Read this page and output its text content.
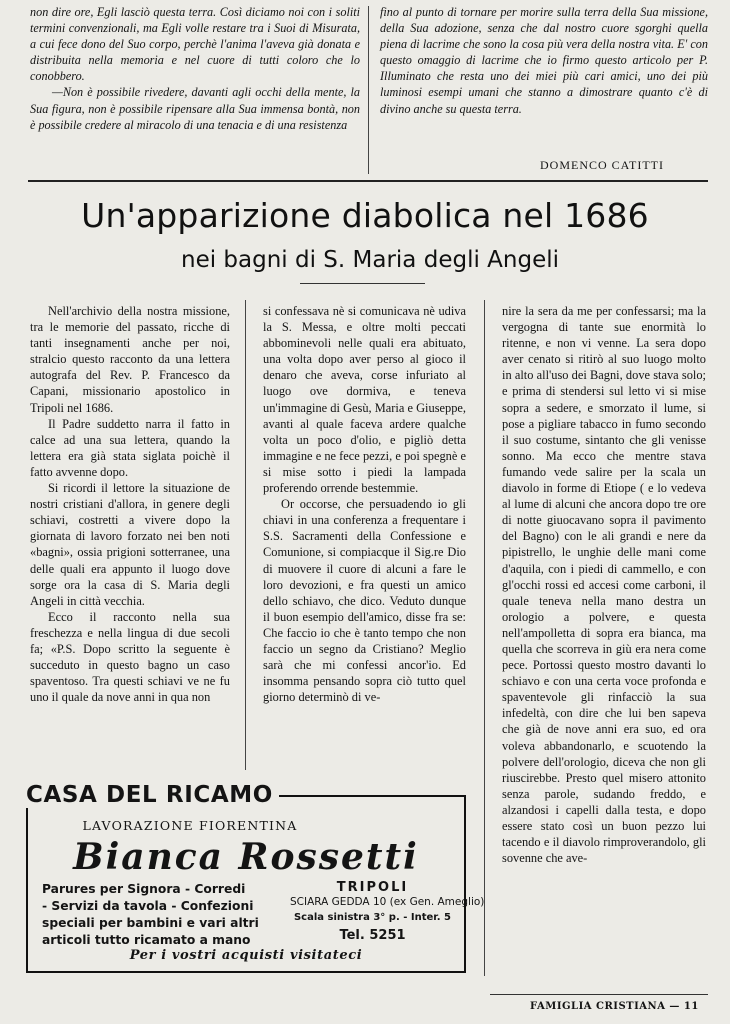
non dire ore, Egli lasciò questa terra. Così diciamo noi con i soliti termini convenzionali, ma Egli volle restare tra i Suoi di Misurata, a cui fece dono del Suo corpo, perchè l'anima l'aveva già donata e distribuita nella memoria e nel cuore di tutti coloro che lo conobbero.

—Non è possibile rivedere, davanti agli occhi della mente, la Sua figura, non è possibile ripensare alla Sua immensa bontà, non è possibile credere al miracolo di una tenacia e di una resistenza

fino al punto di tornare per morire sulla terra della Sua missione, della Sua adozione, senza che dal nostro cuore sgorghi quella piena di lacrime che sono la cosa più vera della nostra vita. E' con questo omaggio di lacrime che io firmo questo articolo per P. Illuminato che resta uno dei miei più cari amici, uno dei più luminosi esempi umani che stanno a dimostrare quanto c'è di divino anche su questa terra.

DOMENCO CATITTI
Un'apparizione diabolica nel 1686
nei bagni di S. Maria degli Angeli

Nell'archivio della nostra missione, tra le memorie del passato, ricche di tanti insegnamenti anche per noi, stralcio questo racconto da una lettera autografa del Rev. P. Francesco da Capani, missionario apostolico in Tripoli nel 1686.

Il Padre suddetto narra il fatto in calce ad una sua lettera, quando la lettera era già stata siglata poichè il fatto avvenne dopo.

Si ricordi il lettore la situazione de nostri cristiani d'allora, in genere degli schiavi, costretti a vivere dopo la giornata di lavoro forzato nei ben noti «bagni», ossia prigioni sotterranee, una delle quali era appunto il luogo dove sorge ora la casa di S. Maria degli Angeli in città vecchia.

Ecco il racconto nella sua freschezza e nella lingua di due secoli fa; «P.S. Dopo scritto la seguente è succeduto in questo bagno un caso spaventoso. Tra questi schiavi ve ne fu uno il quale da nove anni in qua non

si confessava nè si comunicava nè udiva la S. Messa, e oltre molti peccati abbominevoli nelle quali era abituato, una volta dopo aver perso al gioco il denaro che aveva, corse infuriato al luogo ove dormiva, e teneva un'immagine di Gesù, Maria e Giuseppe, avanti al quale faceva ardere qualche volta un poco d'olio, e pigliò detta immagine e ne fece pezzi, e poi spegnè e si mise sotto i piedi la lampada proferendo orrende bestemmie.

Or occorse, che persuadendo io gli chiavi in una conferenza a frequentare i S.S. Sacramenti della Confessione e Comunione, si compiacque il Sig.re Dio di muovere il cuore di alcuni a fare le loro devozioni, e fra questi un amico dello schiavo, che dico. Veduto dunque il buon esempio dell'amico, disse fra se: Che faccio io che è tanto tempo che non faccio un segno da Cristiano? Meglio sarà che mi confessi ancor'io. Ed insomma pensando sopra ciò tutto quel giorno determinò di ve-

nire la sera da me per confessarsi; ma la vergogna di tante sue enormità lo ritenne, e non vi venne. La sera dopo aver cenato si ritirò al suo luogo molto in alto all'uso dei Bagni, dove stava solo; e prima di stendersi sul letto vi si mise sopra a sedere, e smorzato il lume, si pose a pigliare tabacco in fumo secondo il suo costume, sintanto che gli venisse sonno. Ma ecco che mentre stava fumando vede salire per la scala un diavolo in forme di Etiope ( e lo vedeva al lume di alcuni che ancora dopo tre ore di notte giuocavano sopra il pavimento del Bagno) con le ali grandi e nere da pipistrello, le unghie delle mani come d'aquila, con i piedi di cammello, e con gl'occhi rossi ed accesi come carboni, il quale teneva nella mano destra un orologio a polvere, e questa nell'ampolletta di sopra era bianca, ma quella che scorreva in giù era nera come pece. Portossi questo mostro davanti lo schiavo e con una certa voce profonda e spaventevole gli rinfacciò la sua infedeltà, con dire che lui ben sapeva che già de nove anni era suo, ed ora voleva abbandonarlo, e scuotendo la polvere dell'orologio, diceva che non gli riuscirebbe. Presto quel misero attonito senza parole, sudando freddo, e alzandosi i capelli dalla testa, e dopo essere stato così un buon pezzo lui tacendo e il diavolo rimproverandolo, gli sovenne che ave-

CASA DEL RICAMO
LAVORAZIONE FIORENTINA
Bianca Rossetti
Parures per Signora - Corredi
- Servizi da tavola - Confezioni
speciali per bambini e vari altri
articoli tutto ricamato a mano
TRIPOLI
SCIARA GEDDA 10 (ex Gen. Ameglio)
Scala sinistra 3° p. - Inter. 5
Tel. 5251
Per i vostri acquisti visitateci
FAMIGLIA CRISTIANA — 11
